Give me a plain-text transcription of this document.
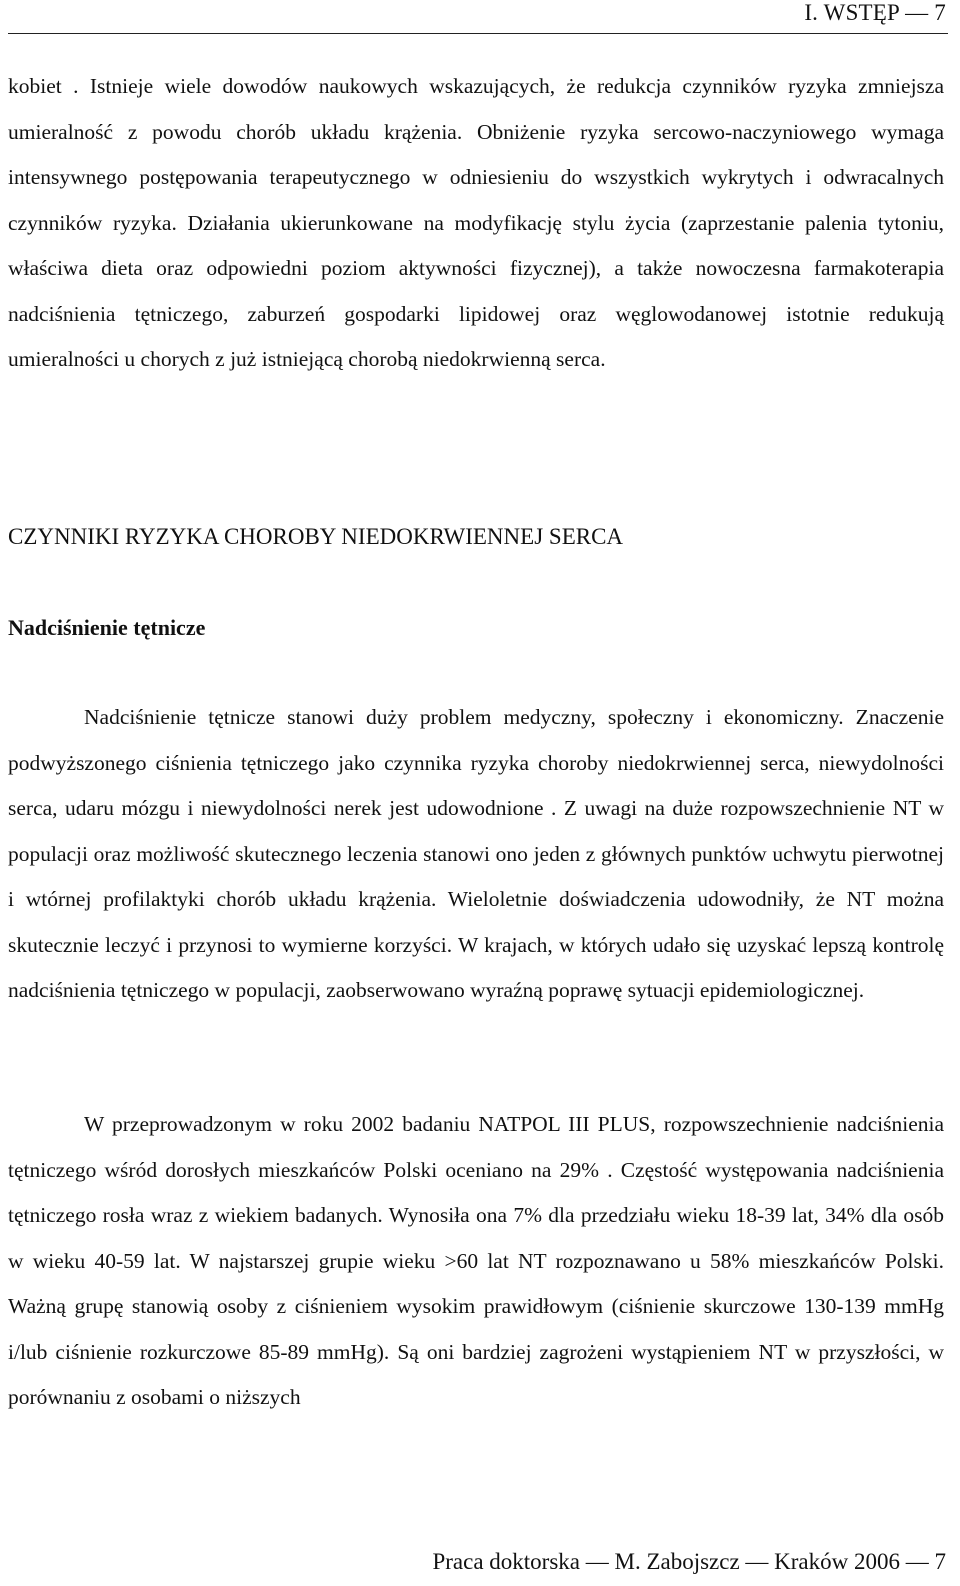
I. WSTĘP — 7

kobiet . Istnieje wiele dowodów naukowych wskazujących, że redukcja czynników ryzyka zmniejsza umieralność z powodu chorób układu krążenia. Obniżenie ryzyka sercowo-naczyniowego wymaga intensywnego postępowania terapeutycznego w odniesieniu do wszystkich wykrytych i odwracalnych czynników ryzyka. Działania ukierunkowane na modyfikację stylu życia (zaprzestanie palenia tytoniu, właściwa dieta oraz odpowiedni poziom aktywności fizycznej), a także nowoczesna farmakoterapia nadciśnienia tętniczego, zaburzeń gospodarki lipidowej oraz węglowodanowej istotnie redukują umieralności u chorych z już istniejącą chorobą niedokrwienną serca.

CZYNNIKI RYZYKA CHOROBY NIEDOKRWIENNEJ SERCA
Nadciśnienie tętnicze

Nadciśnienie tętnicze stanowi duży problem medyczny, społeczny i ekonomiczny. Znaczenie podwyższonego ciśnienia tętniczego jako czynnika ryzyka choroby niedokrwiennej serca, niewydolności serca, udaru mózgu i niewydolności nerek jest udowodnione . Z uwagi na duże rozpowszechnienie NT w populacji oraz możliwość skutecznego leczenia stanowi ono jeden z głównych punktów uchwytu pierwotnej i wtórnej profilaktyki chorób układu krążenia. Wieloletnie doświadczenia udowodniły, że NT można skutecznie leczyć i przynosi to wymierne korzyści. W krajach, w których udało się uzyskać lepszą kontrolę nadciśnienia tętniczego w populacji, zaobserwowano wyraźną poprawę sytuacji epidemiologicznej.

W przeprowadzonym w roku 2002 badaniu NATPOL III PLUS, rozpowszechnienie nadciśnienia tętniczego wśród dorosłych mieszkańców Polski oceniano na 29% . Częstość występowania nadciśnienia tętniczego rosła wraz z wiekiem badanych. Wynosiła ona 7% dla przedziału wieku 18-39 lat, 34% dla osób w wieku 40-59 lat. W najstarszej grupie wieku >60 lat NT rozpoznawano u 58% mieszkańców Polski. Ważną grupę stanowią osoby z ciśnieniem wysokim prawidłowym (ciśnienie skurczowe 130-139 mmHg i/lub ciśnienie rozkurczowe 85-89 mmHg). Są oni bardziej zagrożeni wystąpieniem NT w przyszłości, w porównaniu z osobami o niższych

Praca doktorska — M. Zabojszcz — Kraków 2006 — 7
